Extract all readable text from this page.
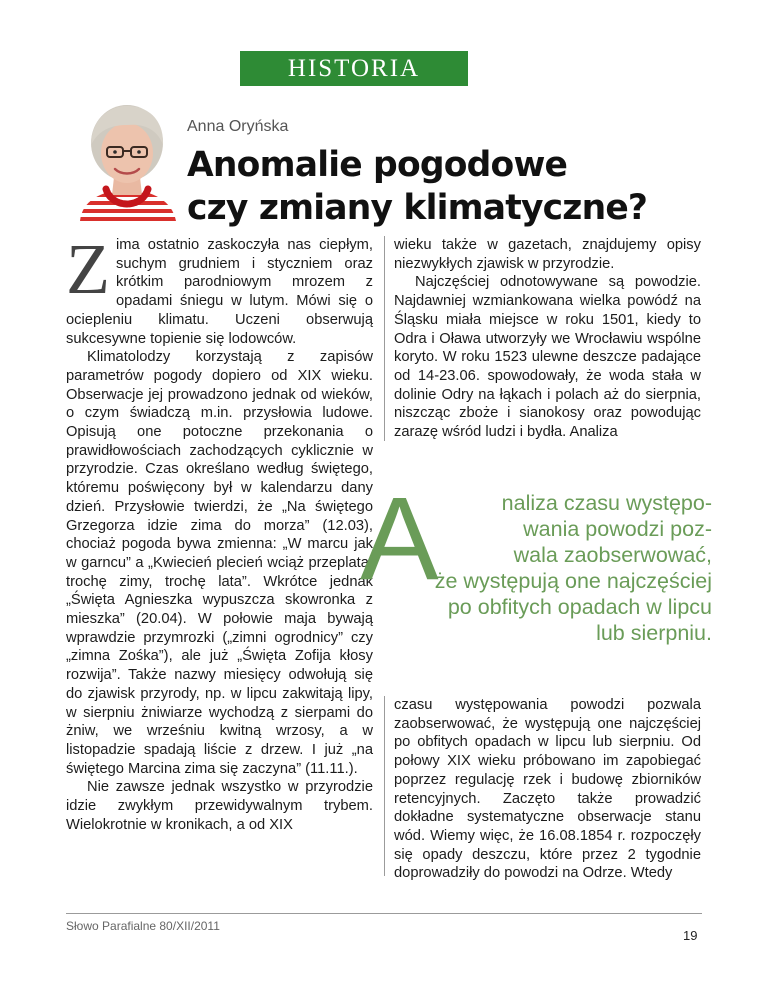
HISTORIA
Anna Oryńska
Anomalie pogodowe
czy zmiany klimatyczne?
Z ima ostatnio zaskoczyła nas ciepłym, suchym grudniem i styczniem oraz krótkim parodniowym mrozem z opadami śniegu w lutym. Mówi się o ociepleniu klimatu. Uczeni obserwują sukcesywne topienie się lodowców.

Klimatolodzy korzystają z zapisów parametrów pogody dopiero od XIX wieku. Obserwacje jej prowadzono jednak od wieków, o czym świadczą m.in. przysłowia ludowe. Opisują one potoczne przekonania o prawidłowościach zachodzących cyklicznie w przyrodzie. Czas określano według świętego, któremu poświęcony był w kalendarzu dany dzień. Przysłowie twierdzi, że „Na świętego Grzegorza idzie zima do morza” (12.03), chociaż pogoda bywa zmienna: „W marcu jak w garncu” a „Kwiecień plecień wciąż przeplata, trochę zimy, trochę lata”. Wkrótce jednak „Święta Agnieszka wypuszcza skowronka z mieszka” (20.04). W połowie maja bywają wprawdzie przymrozki („zimni ogrodnicy” czy „zimna Zośka”), ale już „Święta Zofija kłosy rozwija”. Także nazwy miesięcy odwołują się do zjawisk przyrody, np. w lipcu zakwitają lipy, w sierpniu żniwiarze wychodzą z sierpami do żniw, we wrześniu kwitną wrzosy, a w listopadzie spadają liście z drzew. I już „na świętego Marcina zima się zaczyna” (11.11.).

Nie zawsze jednak wszystko w przyrodzie idzie zwykłym przewidywalnym trybem. Wielokrotnie w kronikach, a od XIX

wieku także w gazetach, znajdujemy opisy niezwykłych zjawisk w przyrodzie.

Najczęściej odnotowywane są powodzie. Najdawniej wzmiankowana wielka powódź na Śląsku miała miejsce w roku 1501, kiedy to Odra i Oława utworzyły we Wrocławiu wspólne koryto. W roku 1523 ulewne deszcze padające od 14-23.06. spowodowały, że woda stała w dolinie Odry na łąkach i polach aż do sierpnia, niszcząc zboże i sianokosy oraz powodując zarazę wśród ludzi i bydła. Analiza

A	naliza czasu występo-
wania powodzi poz-
wala zaobserwować,
że występują one najczęściej
po obfitych opadach w lipcu
lub sierpniu.

czasu występowania powodzi pozwala zaobserwować, że występują one najczęściej po obfitych opadach w lipcu lub sierpniu. Od połowy XIX wieku próbowano im zapobiegać poprzez regulację rzek i budowę zbiorników retencyjnych. Zaczęto także prowadzić dokładne systematyczne obserwacje stanu wód. Wiemy więc, że 16.08.1854 r. rozpoczęły się opady deszczu, które przez 2 tygodnie doprowadziły do powodzi na Odrze. Wtedy

Słowo Parafialne 80/XII/2011
19
